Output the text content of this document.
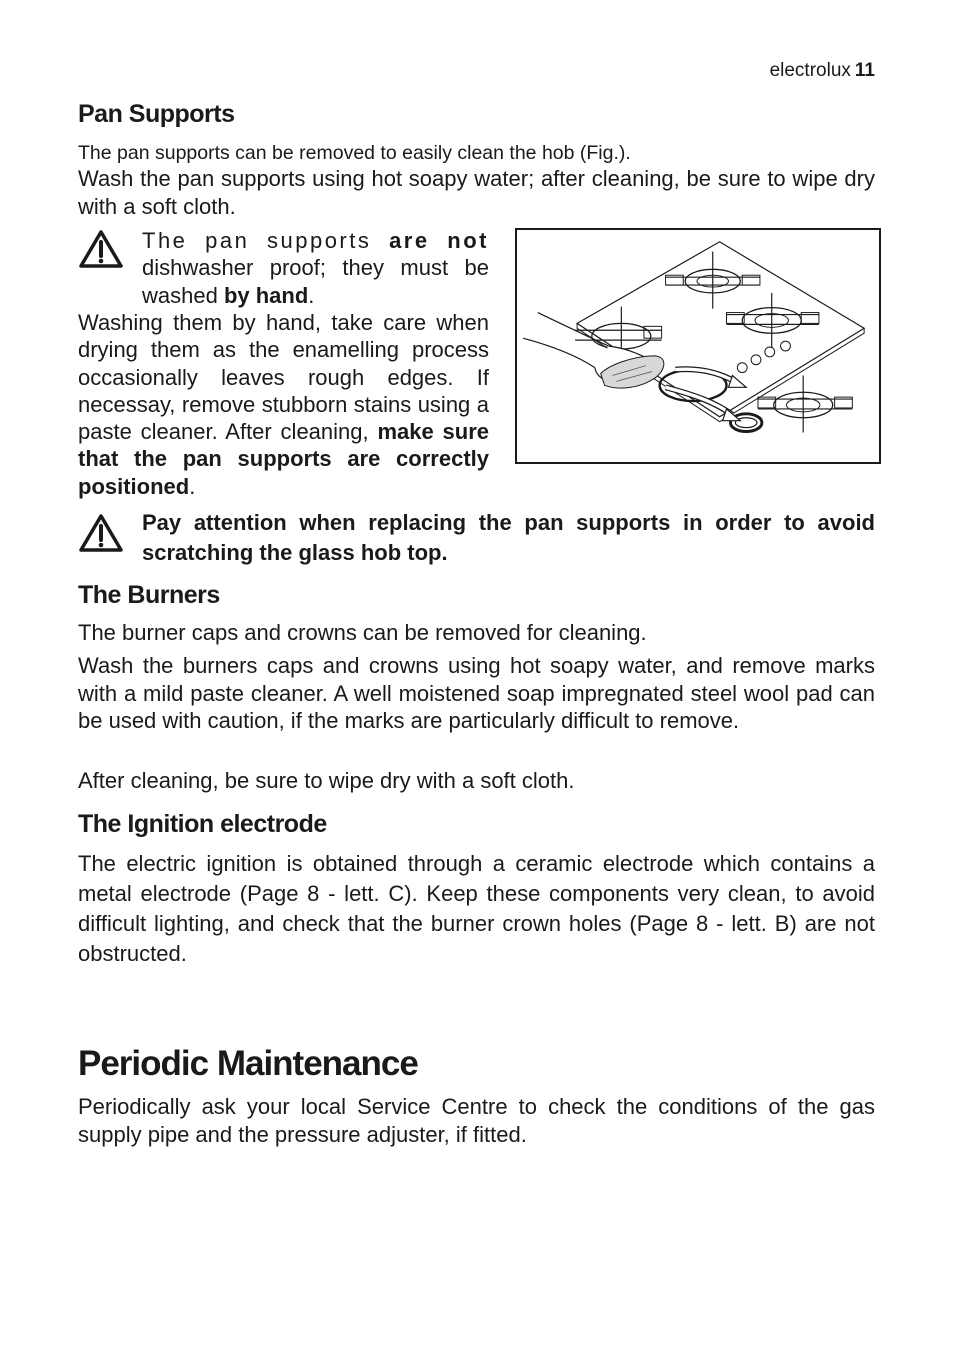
electrolux 11
Pan Supports

The pan supports can be removed to easily clean the hob (Fig.).

Wash the pan supports using hot soapy water; after cleaning, be sure to wipe dry with a soft cloth.

The pan supports are not dishwasher proof; they must be washed by hand.

Washing them by hand, take care when drying them as the enamelling process occasionally leaves rough edges. If necessay, remove stubborn stains using a paste cleaner. After cleaning, make sure that the pan supports are correctly positioned.

Pay attention when replacing the pan supports in order to avoid scratching the glass hob top.

The Burners

The burner caps and crowns can be removed for cleaning.

Wash the burners caps and crowns using hot soapy water, and remove marks with a mild paste cleaner. A well moistened soap impregnated steel wool pad can be used with caution, if the marks are particularly difficult to remove.

After cleaning, be sure to wipe dry with a soft cloth.

The Ignition electrode

The electric ignition is obtained through a ceramic electrode which contains a metal electrode (Page 8 - lett. C). Keep these components very clean, to avoid difficult lighting, and check that the burner crown holes (Page 8 - lett. B) are not obstructed.

Periodic Maintenance

Periodically ask your local Service Centre to check the conditions of the gas supply pipe and the pressure adjuster, if fitted.
